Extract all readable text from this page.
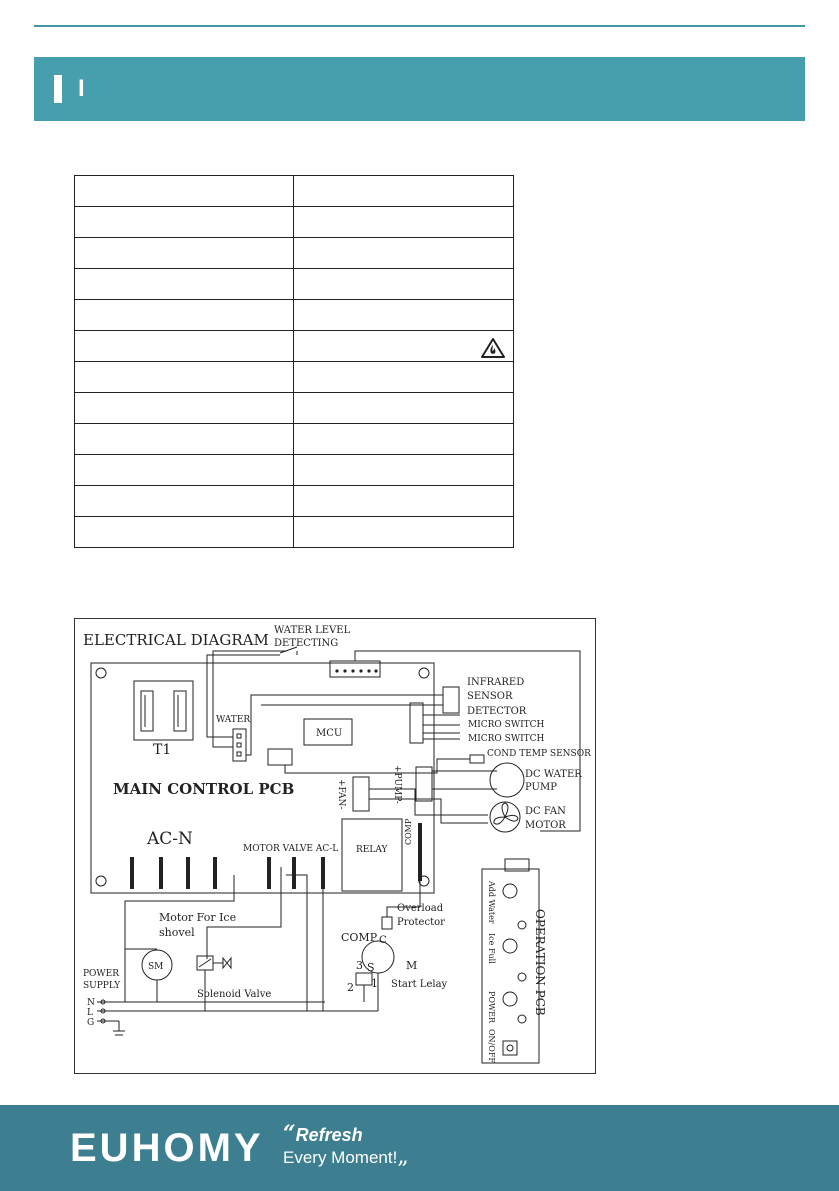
I

ELECTRICAL DIAGRAM
WATER LEVEL
DETECTING
T1
MCU
WATER
INFRARED
SENSOR
DETECTOR
MICRO SWITCH
MICRO SWITCH
COND TEMP SENSOR
MAIN CONTROL PCB	+FAN-	+PUMP-	DC WATER
PUMP
DC FAN
MOTOR
RELAY
COMP
AC-N	MOTOR VALVE AC-L
Motor For Ice
shovel
SM
Solenoid Valve
POWER
SUPPLY
N
L
G
COMP C
S	M
3
2 1
Overload
Protector
Start Lelay	OPERATION PCB
Add Water
Ice Full
POWER
ON/OFF
EUHOMY “Refresh
Every Moment!„
